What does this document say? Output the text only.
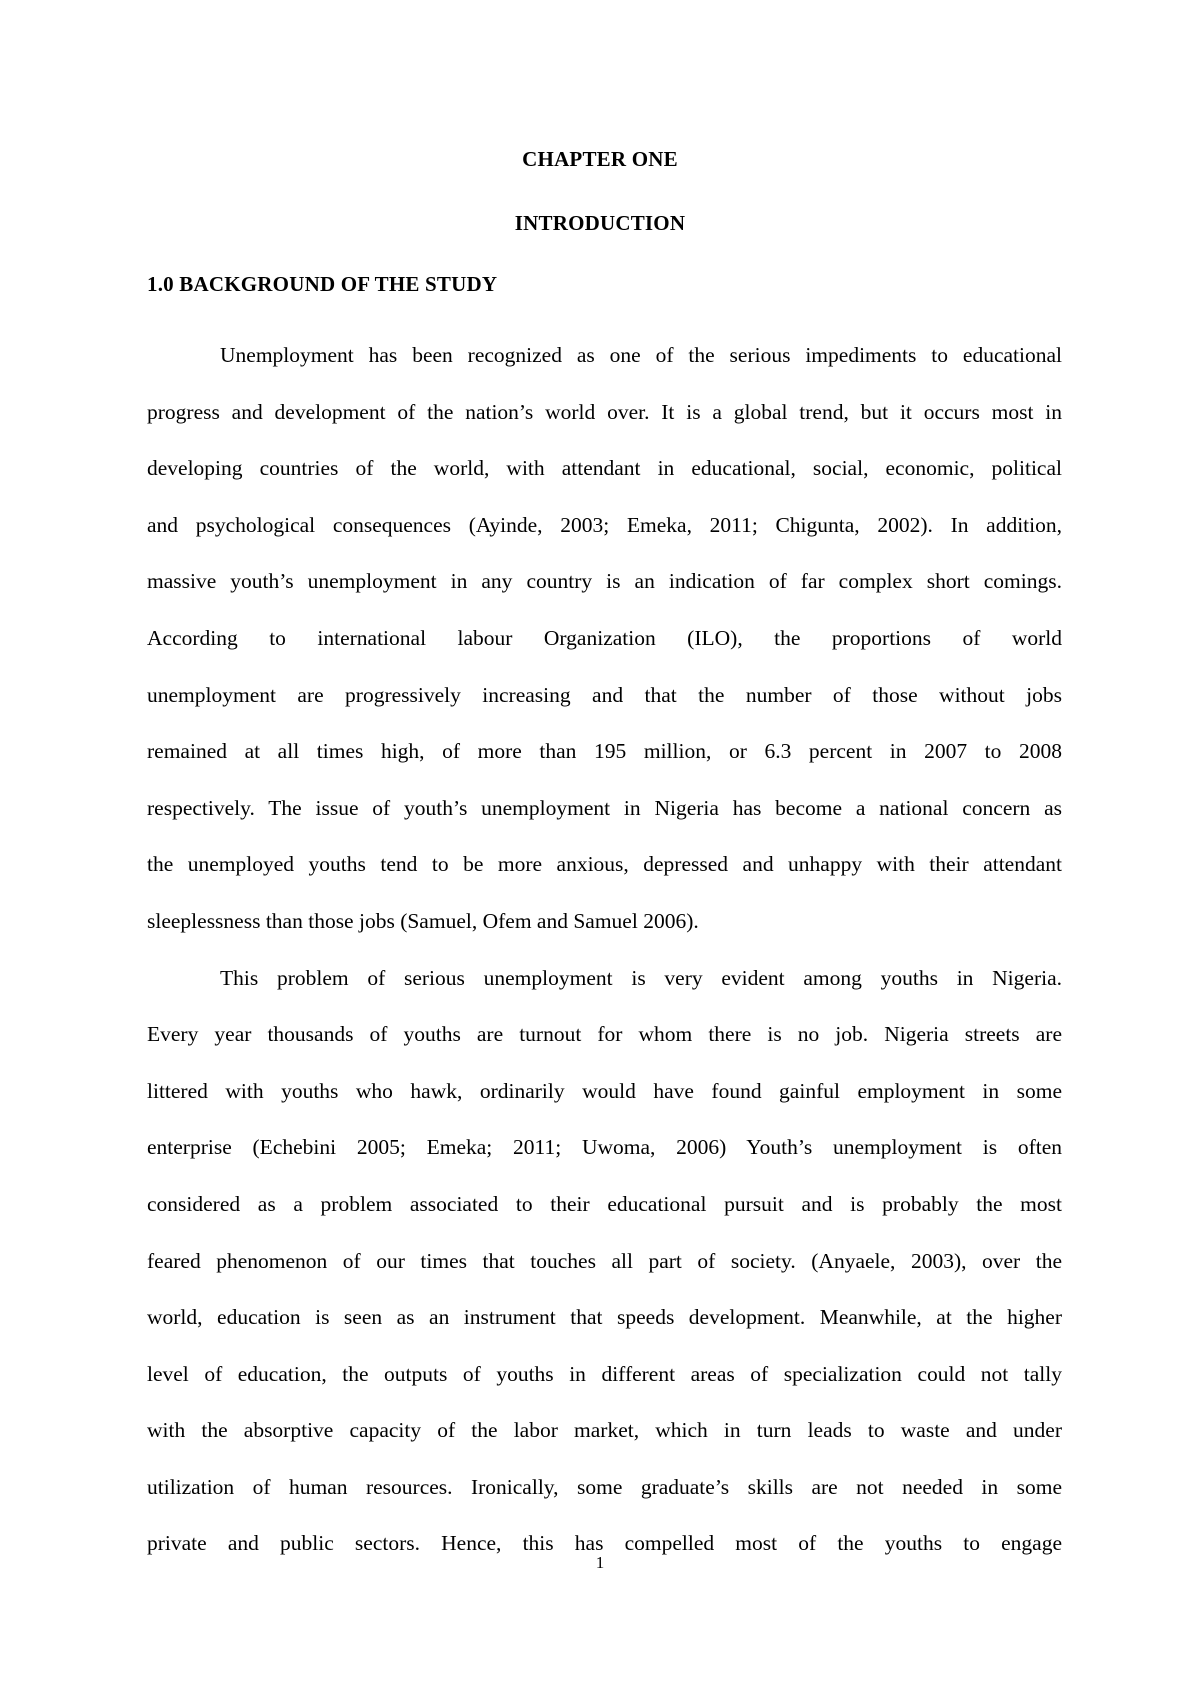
CHAPTER ONE
INTRODUCTION
1.0 BACKGROUND OF THE STUDY
Unemployment has been recognized as one of the serious impediments to educational
progress and development of the nation’s world over. It is a global trend, but it occurs most in
developing countries of the world, with attendant in educational, social, economic, political
and psychological consequences (Ayinde, 2003; Emeka, 2011; Chigunta, 2002). In addition,
massive youth’s unemployment in any country is an indication of far complex short comings.
According to international labour Organization (ILO), the proportions of world
unemployment are progressively increasing and that the number of those without jobs
remained at all times high, of more than 195 million, or 6.3 percent in 2007 to 2008
respectively. The issue of youth’s unemployment in Nigeria has become a national concern as
the unemployed youths tend to be more anxious, depressed and unhappy with their attendant
sleeplessness than those jobs (Samuel, Ofem and Samuel 2006).
This problem of serious unemployment is very evident among youths in Nigeria.
Every year thousands of youths are turnout for whom there is no job. Nigeria streets are
littered with youths who hawk, ordinarily would have found gainful employment in some
enterprise (Echebini 2005; Emeka; 2011; Uwoma, 2006) Youth’s unemployment is often
considered as a problem associated to their educational pursuit and is probably the most
feared phenomenon of our times that touches all part of society. (Anyaele, 2003), over the
world, education is seen as an instrument that speeds development. Meanwhile, at the higher
level of education, the outputs of youths in different areas of specialization could not tally
with the absorptive capacity of the labor market, which in turn leads to waste and under
utilization of human resources. Ironically, some graduate’s skills are not needed in some
private and public sectors. Hence, this has compelled most of the youths to engage
1
